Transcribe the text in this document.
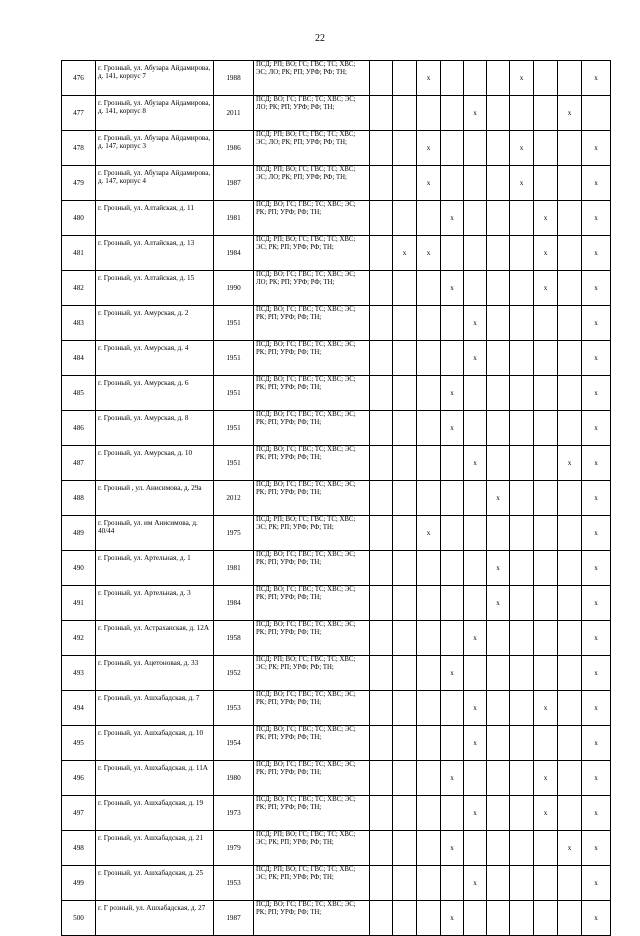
22
476	г. Грозный, ул. Абузара Айдамирова, д. 141, корпус 7	1988	ПСД; РП; ВО; ГС; ГВС; ТС; ХВС; ЭС; ЛО; РК; РП; УРФ; РФ; ТН;			x				x			x
477	г. Грозный, ул. Абузара Айдамирова, д. 141, корпус 8	2011	ПСД; ВО; ГС; ГВС; ТС; ХВС; ЭС; ЛО; РК; РП; УРФ; РФ; ТН;					x				x	
478	г. Грозный, ул. Абузара Айдамирова, д. 147, корпус 3	1986	ПСД; РП; ВО; ГС; ГВС; ТС; ХВС; ЭС; ЛО; РК; РП; УРФ; РФ; ТН;			x				x			x
479	г. Грозный, ул. Абузара Айдамирова, д. 147, корпус 4	1987	ПСД; РП; ВО; ГС; ГВС; ТС; ХВС; ЭС; ЛО; РК; РП; УРФ; РФ; ТН;			x				x			x
480	г. Грозный, ул. Алтайская, д. 11	1981	ПСД; ВО; ГС; ГВС; ТС; ХВС; ЭС; РК; РП; УРФ; РФ; ТН;				x				x		x
481	г. Грозный, ул. Алтайская, д. 13	1984	ПСД; РП; ВО; ГС; ГВС; ТС; ХВС; ЭС; РК; РП; УРФ; РФ; ТН;		x	x					x		x
482	г. Грозный, ул. Алтайская, д. 15	1990	ПСД; ВО; ГС; ГВС; ТС; ХВС; ЭС; ЛО; РК; РП; УРФ; РФ; ТН;				x				x		x
483	г. Грозный, ул. Амурская, д. 2	1951	ПСД; ВО; ГС; ГВС; ТС; ХВС; ЭС; РК; РП; УРФ; РФ; ТН;					x					x
484	г. Грозный, ул. Амурская, д. 4	1951	ПСД; ВО; ГС; ГВС; ТС; ХВС; ЭС; РК; РП; УРФ; РФ; ТН;					x					x
485	г. Грозный, ул. Амурская, д. 6	1951	ПСД; ВО; ГС; ГВС; ТС; ХВС; ЭС; РК; РП; УРФ; РФ; ТН;				x						x
486	г. Грозный, ул. Амурская, д. 8	1951	ПСД; ВО; ГС; ГВС; ТС; ХВС; ЭС; РК; РП; УРФ; РФ; ТН;				x						x
487	г. Грозный, ул. Амурская, д. 10	1951	ПСД; ВО; ГС; ГВС; ТС; ХВС; ЭС; РК; РП; УРФ; РФ; ТН;					x				x	x
488	г. Грозный , ул. Анисимова, д. 29а	2012	ПСД; ВО; ГС; ГВС; ТС; ХВС; ЭС; РК; РП; УРФ; РФ; ТН;						x				x
489	г. Грозный, ул. им Анисимова, д. 40/44	1975	ПСД; РП; ВО; ГС; ГВС; ТС; ХВС; ЭС; РК; РП; УРФ; РФ; ТН;			x							x
490	г. Грозный, ул. Артельная, д. 1	1981	ПСД; ВО; ГС; ГВС; ТС; ХВС; ЭС; РК; РП; УРФ; РФ; ТН;						x				x
491	г. Грозный, ул. Артельная, д. 3	1984	ПСД; ВО; ГС; ГВС; ТС; ХВС; ЭС; РК; РП; УРФ; РФ; ТН;						x				x
492	г. Грозный, ул. Астраханская, д. 12А	1958	ПСД; ВО; ГС; ГВС; ТС; ХВС; ЭС; РК; РП; УРФ; РФ; ТН;					x					x
493	г. Грозный, ул. Ацетоновая, д. 33	1952	ПСД; РП; ВО; ГС; ГВС; ТС; ХВС; ЭС; РК; РП; УРФ; РФ; ТН;				x						x
494	г. Грозный, ул. Ашхабадская, д. 7	1953	ПСД; ВО; ГС; ГВС; ТС; ХВС; ЭС; РК; РП; УРФ; РФ; ТН;					x			x		x
495	г. Грозный, ул. Ашхабадская, д. 10	1954	ПСД; ВО; ГС; ГВС; ТС; ХВС; ЭС; РК; РП; УРФ; РФ; ТН;					x					x
496	г. Грозный, ул. Ашхабадская, д. 11А	1980	ПСД; ВО; ГС; ГВС; ТС; ХВС; ЭС; РК; РП; УРФ; РФ; ТН;				x				x		x
497	г. Грозный, ул. Ашхабадская, д. 19	1973	ПСД; ВО; ГС; ГВС; ТС; ХВС; ЭС; РК; РП; УРФ; РФ; ТН;					x			x		x
498	г. Грозный, ул. Ашхабадская, д. 21	1979	ПСД; РП; ВО; ГС; ГВС; ТС; ХВС; ЭС; РК; РП; УРФ; РФ; ТН;				x					x	x
499	г. Грозный, ул. Ашхабадская, д. 25	1953	ПСД; РП; ВО; ГС; ГВС; ТС; ХВС; ЭС; РК; РП; УРФ; РФ; ТН;					x					x
500	г. Г розный, ул. Ашхабадская, д. 27	1987	ПСД; ВО; ГС; ГВС; ТС; ХВС; ЭС; РК; РП; УРФ; РФ; ТН;				x						x
